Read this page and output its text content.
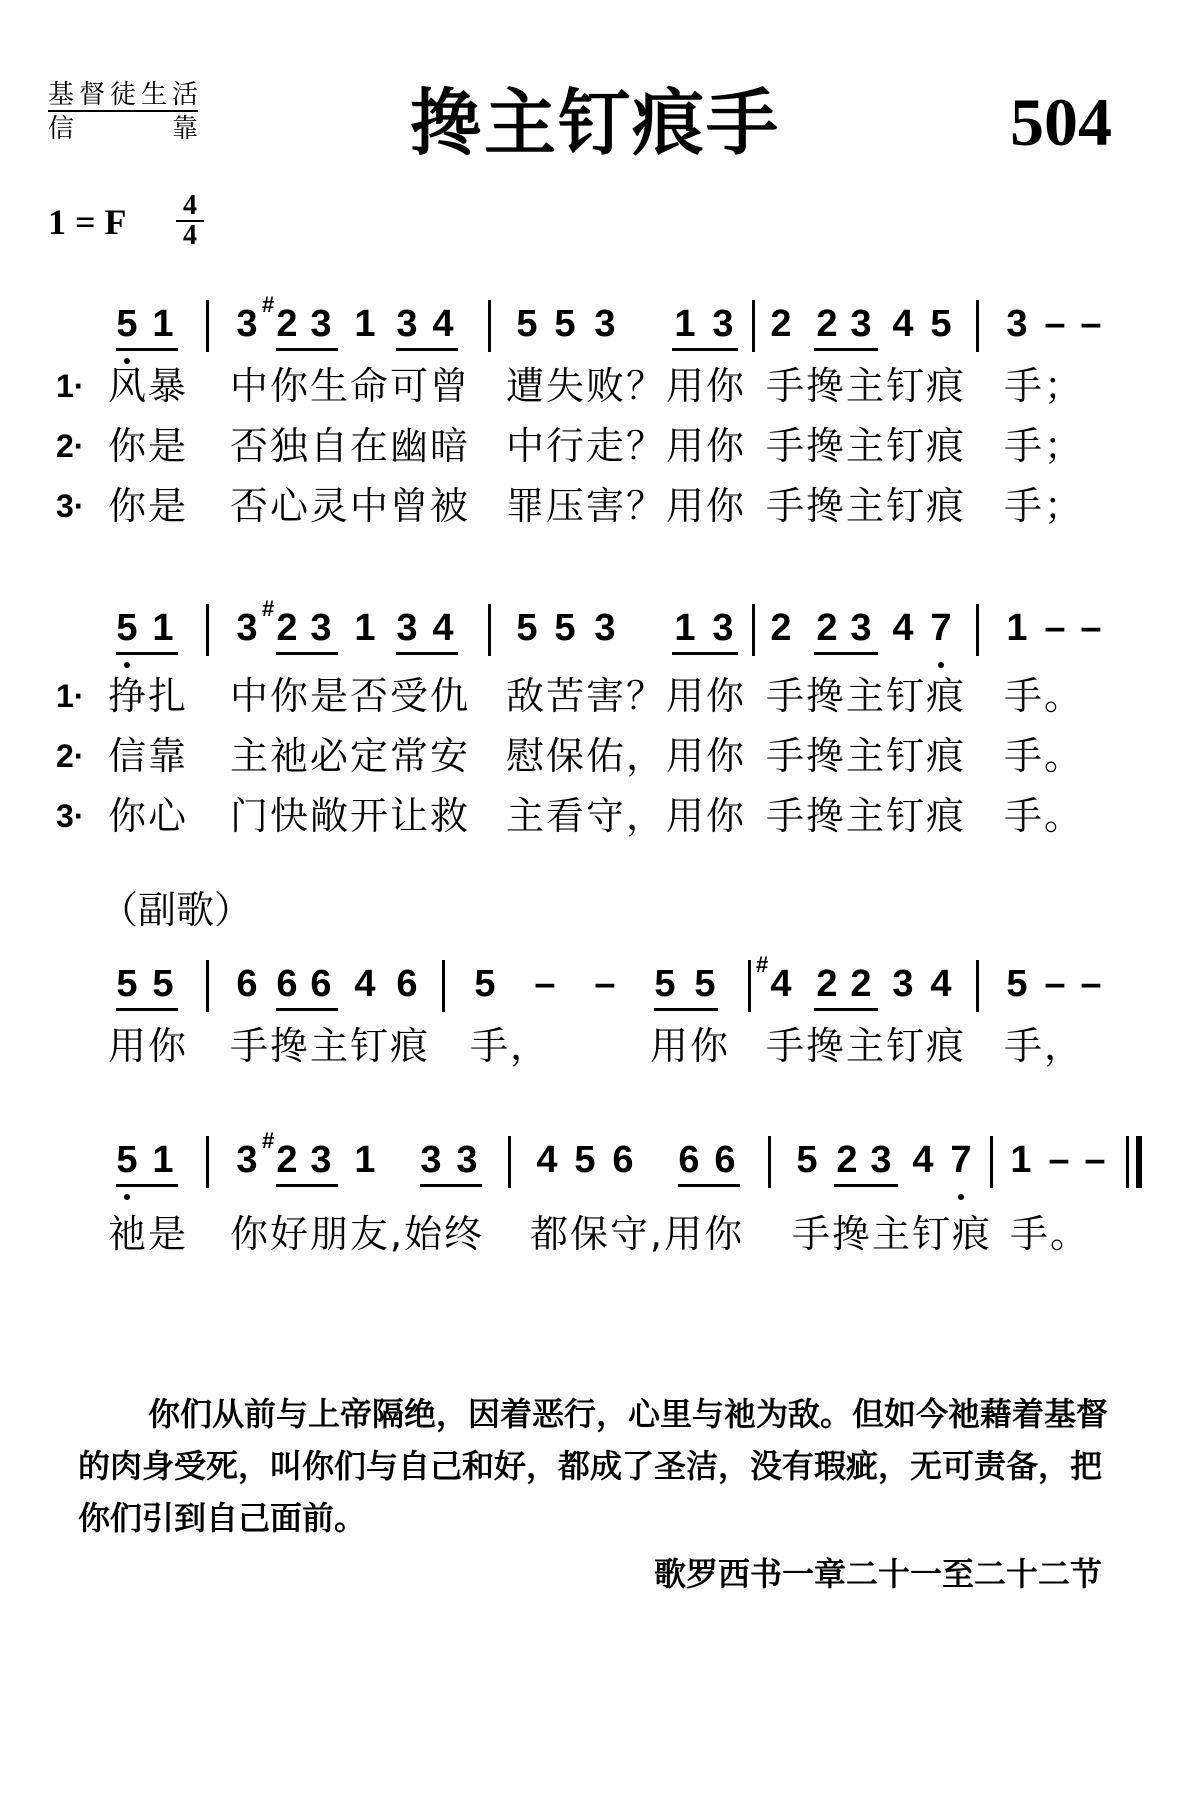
基督徒生活
信靠	搀主钉痕手	504
1 = F $\frac{4}{4}$
5 1 3 # 2 3 1 3 4 5 5 3 1 3 2 2 3 4 5 3 – –
1· 风暴 中你生命可曾 遭失败？用你 手搀主钉痕 手；
2· 你是 否独自在幽暗 中行走？用你 手搀主钉痕 手；
3· 你是 否心灵中曾被 罪压害？用你 手搀主钉痕 手；
5 1 3 # 2 3 1 3 4 5 5 3 1 3 2 2 3 4 7 1 – –
1· 挣扎 中你是否受仇 敌苦害？用你 手搀主钉痕 手。
2· 信靠 主祂必定常安 慰保佑，用你 手搀主钉痕 手。
3· 你心 门快敞开让救 主看守，用你 手搀主钉痕 手。
（副歌）
5 5 6 6 6 4 6 5 – – 5 5 # 4 2 2 3 4 5 – –
用你 手搀主钉痕 手，	用你 手搀主钉痕 手，
5 1 3 # 2 3 1 3 3 4 5 6 6 6 5 2 3 4 7 1 – –
祂是 你好朋友,始终 都保守,用你 手搀主钉痕 手。
你们从前与上帝隔绝，因着恶行，心里与祂为敌。但如今祂藉着基督的肉身受死，叫你们与自己和好，都成了圣洁，没有瑕疵，无可责备，把你们引到自己面前。
歌罗西书一章二十一至二十二节
